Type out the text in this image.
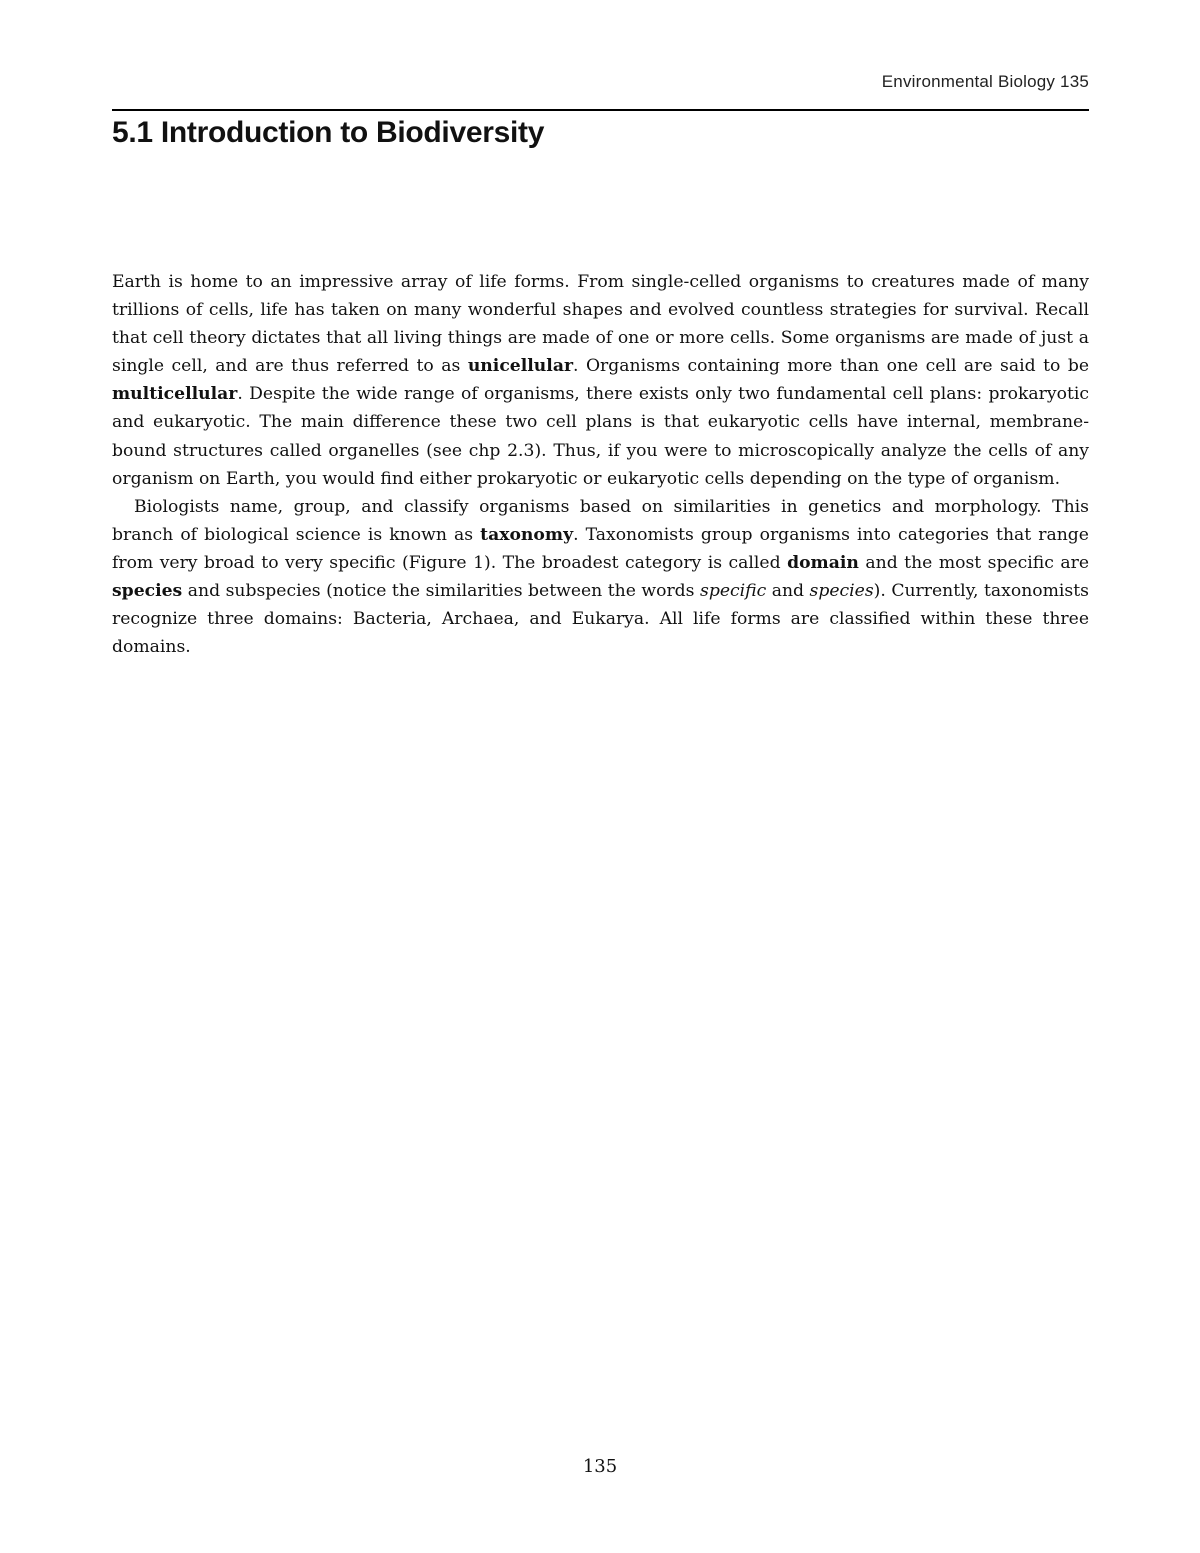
Environmental Biology 135
5.1 Introduction to Biodiversity

Earth is home to an impressive array of life forms. From single-celled organisms to creatures made of many trillions of cells, life has taken on many wonderful shapes and evolved countless strategies for survival. Recall that cell theory dictates that all living things are made of one or more cells. Some organisms are made of just a single cell, and are thus referred to as unicellular. Organisms containing more than one cell are said to be multicellular. Despite the wide range of organisms, there exists only two fundamental cell plans: prokaryotic and eukaryotic. The main difference these two cell plans is that eukaryotic cells have internal, membrane-bound structures called organelles (see chp 2.3). Thus, if you were to microscopically analyze the cells of any organism on Earth, you would find either prokaryotic or eukaryotic cells depending on the type of organism.

Biologists name, group, and classify organisms based on similarities in genetics and morphology. This branch of biological science is known as taxonomy. Taxonomists group organisms into categories that range from very broad to very specific (Figure 1). The broadest category is called domain and the most specific are species and subspecies (notice the similarities between the words specific and species). Currently, taxonomists recognize three domains: Bacteria, Archaea, and Eukarya. All life forms are classified within these three domains.

135
